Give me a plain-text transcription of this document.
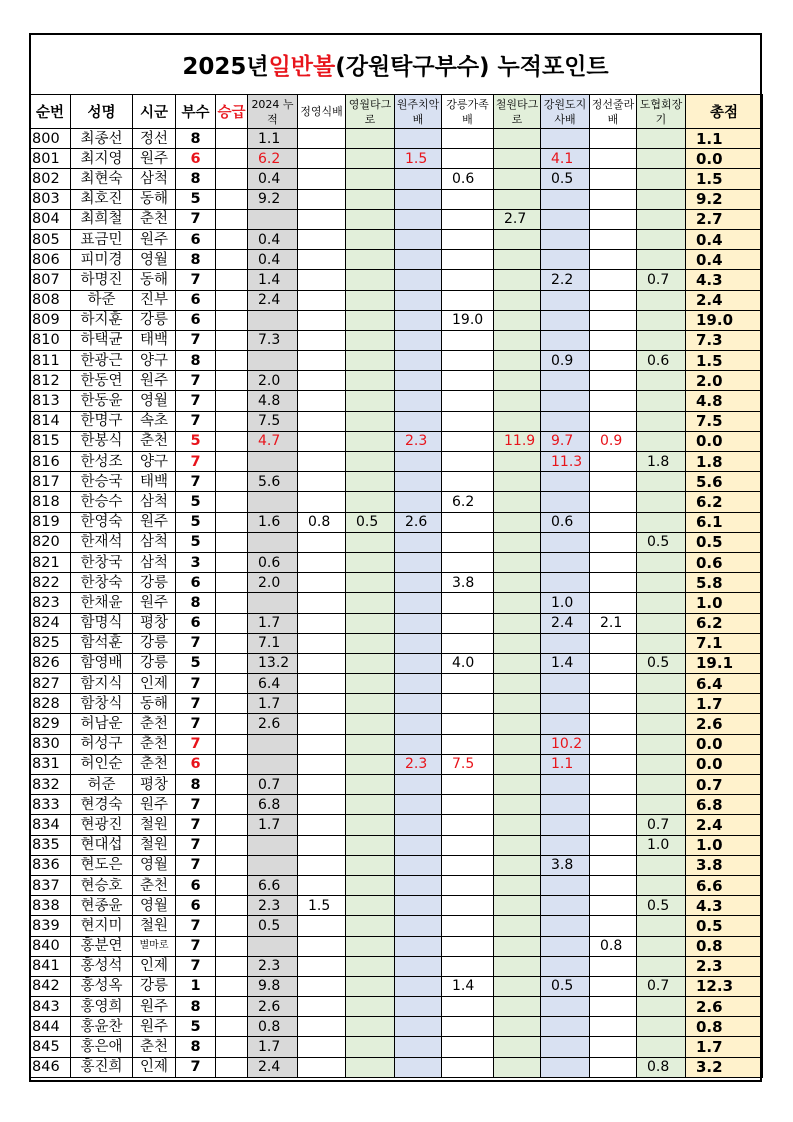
2025년 일반볼 (강원탁구부수) 누적포인트
순번	성명	시군	부수	승급	2024 누적	정영식배	영월타그로	원주치악배	강릉가족배	철원타그로	강원도지사배	정선줄라배	도협회장기	총점
800	최종선	정선	8		1.1									1.1
801	최지영	원주	6		6.2			1.5			4.1			0.0
802	최현숙	삼척	8		0.4				0.6		0.5			1.5
803	최호진	동해	5		9.2									9.2
804	최희철	춘천	7							2.7				2.7
805	표금민	원주	6		0.4									0.4
806	피미경	영월	8		0.4									0.4
807	하명진	동해	7		1.4						2.2		0.7	4.3
808	하준	진부	6		2.4									2.4
809	하지훈	강릉	6						19.0					19.0
810	하택균	태백	7		7.3									7.3
811	한광근	양구	8								0.9		0.6	1.5
812	한동연	원주	7		2.0									2.0
813	한동윤	영월	7		4.8									4.8
814	한명구	속초	7		7.5									7.5
815	한봉식	춘천	5		4.7			2.3		11.9	9.7	0.9		0.0
816	한성조	양구	7								11.3		1.8	1.8
817	한승국	태백	7		5.6									5.6
818	한승수	삼척	5						6.2					6.2
819	한영숙	원주	5		1.6	0.8	0.5	2.6			0.6			6.1
820	한재석	삼척	5										0.5	0.5
821	한창국	삼척	3		0.6									0.6
822	한창숙	강릉	6		2.0				3.8					5.8
823	한채윤	원주	8								1.0			1.0
824	함명식	평창	6		1.7						2.4	2.1		6.2
825	함석훈	강릉	7		7.1									7.1
826	함영배	강릉	5		13.2				4.0		1.4		0.5	19.1
827	함지식	인제	7		6.4									6.4
828	함창식	동해	7		1.7									1.7
829	허남운	춘천	7		2.6									2.6
830	허성구	춘천	7								10.2			0.0
831	허인순	춘천	6					2.3	7.5		1.1			0.0
832	허준	평창	8		0.7									0.7
833	현경숙	원주	7		6.8									6.8
834	현광진	철원	7		1.7								0.7	2.4
835	현대섭	철원	7										1.0	1.0
836	현도은	영월	7								3.8			3.8
837	현승호	춘천	6		6.6									6.6
838	현종윤	영월	6		2.3	1.5							0.5	4.3
839	현지미	철원	7		0.5									0.5
840	홍분연	별마로	7									0.8		0.8
841	홍성석	인제	7		2.3									2.3
842	홍성옥	강릉	1		9.8				1.4		0.5		0.7	12.3
843	홍영희	원주	8		2.6									2.6
844	홍윤찬	원주	5		0.8									0.8
845	홍은애	춘천	8		1.7									1.7
846	홍진희	인제	7		2.4								0.8	3.2
